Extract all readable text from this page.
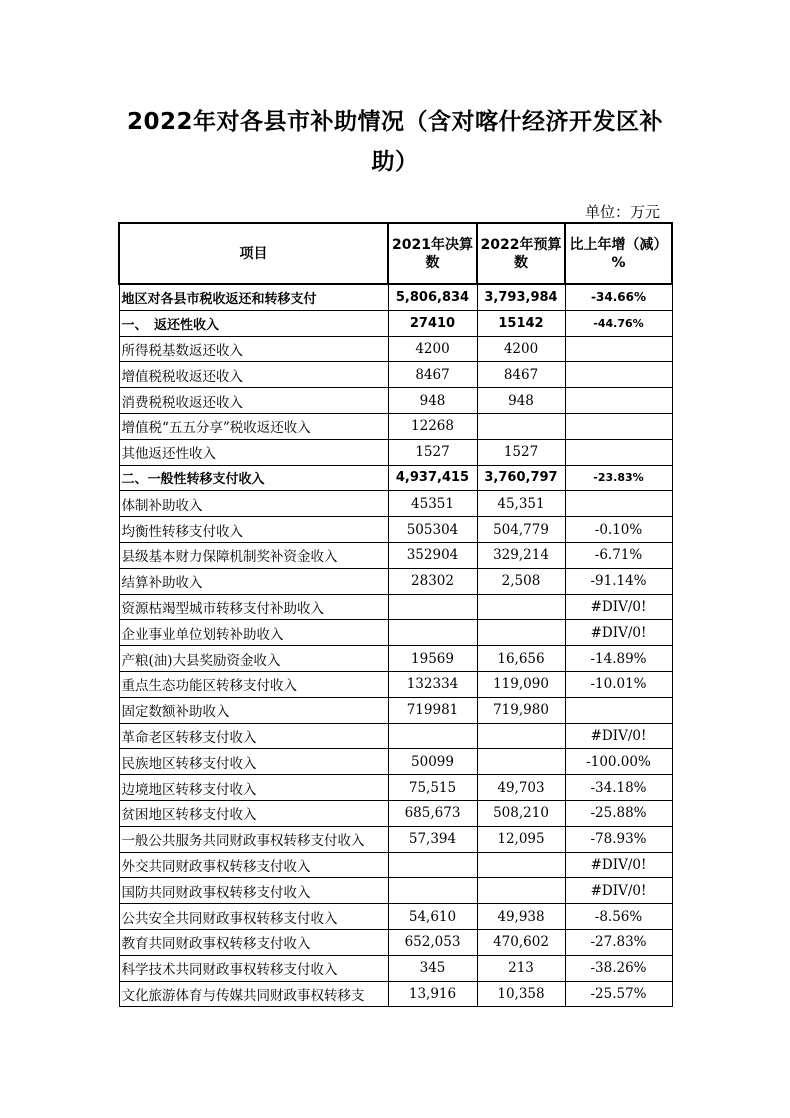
2022年对各县市补助情况（含对喀什经济开发区补助）
单位：万元
项目	2021年决算数	2022年预算数	比上年增（减）%
地区对各县市税收返还和转移支付	5,806,834	3,793,984	-34.66%
一、　返还性收入	27410	15142	-44.76%
所得税基数返还收入	4200	4200	
增值税税收返还收入	8467	8467	
消费税税收返还收入	948	948	
增值税“五五分享”税收返还收入	12268		
其他返还性收入	1527	1527	
二、一般性转移支付收入	4,937,415	3,760,797	-23.83%
体制补助收入	45351	45,351	
均衡性转移支付收入	505304	504,779	-0.10%
县级基本财力保障机制奖补资金收入	352904	329,214	-6.71%
结算补助收入	28302	2,508	-91.14%
资源枯竭型城市转移支付补助收入			#DIV/0!
企业事业单位划转补助收入			#DIV/0!
产粮(油)大县奖励资金收入	19569	16,656	-14.89%
重点生态功能区转移支付收入	132334	119,090	-10.01%
固定数额补助收入	719981	719,980	
革命老区转移支付收入			#DIV/0!
民族地区转移支付收入	50099		-100.00%
边境地区转移支付收入	75,515	49,703	-34.18%
贫困地区转移支付收入	685,673	508,210	-25.88%
一般公共服务共同财政事权转移支付收入	57,394	12,095	-78.93%
外交共同财政事权转移支付收入			#DIV/0!
国防共同财政事权转移支付收入			#DIV/0!
公共安全共同财政事权转移支付收入	54,610	49,938	-8.56%
教育共同财政事权转移支付收入	652,053	470,602	-27.83%
科学技术共同财政事权转移支付收入	345	213	-38.26%
文化旅游体育与传媒共同财政事权转移支	13,916	10,358	-25.57%
